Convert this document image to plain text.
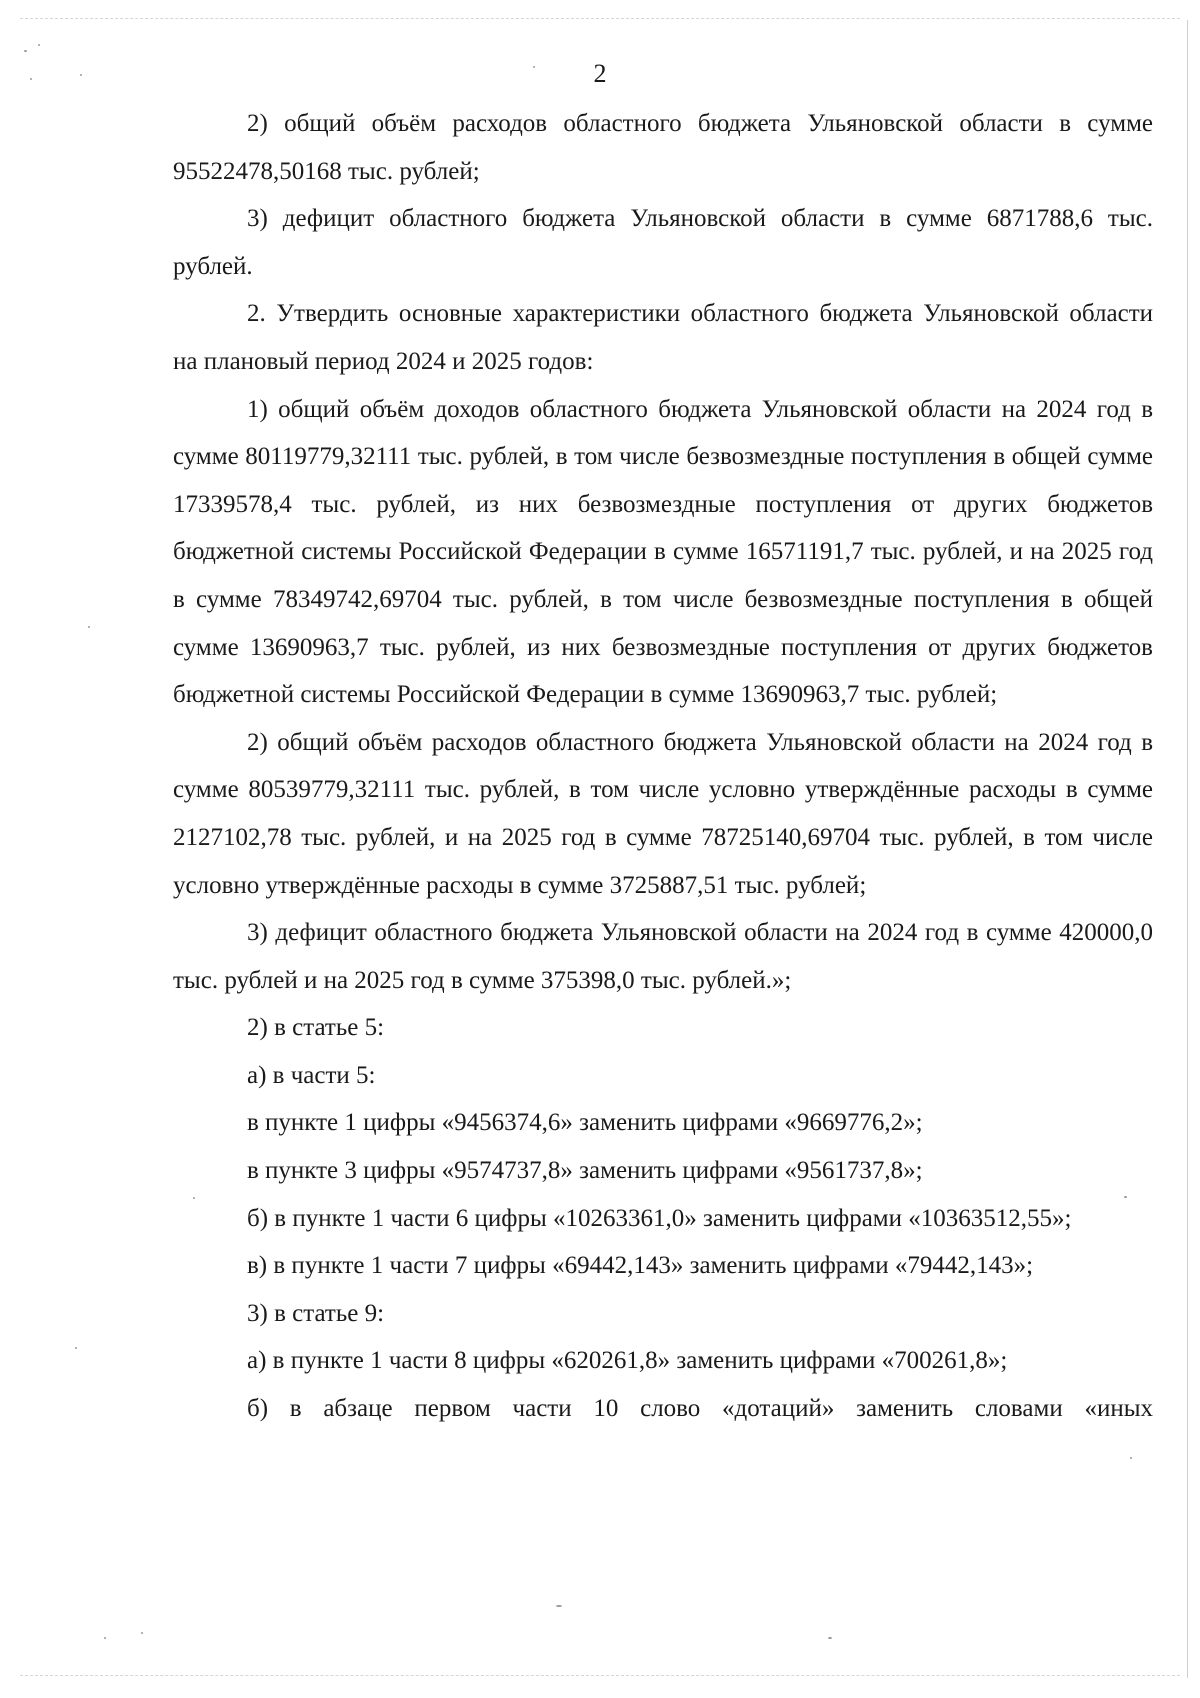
2

2) общий объём расходов областного бюджета Ульяновской области в сумме 95522478,50168 тыс. рублей;

3) дефицит областного бюджета Ульяновской области в сумме 6871788,6 тыс. рублей.

2. Утвердить основные характеристики областного бюджета Ульяновской области на плановый период 2024 и 2025 годов:

1) общий объём доходов областного бюджета Ульяновской области на 2024 год в сумме 80119779,32111 тыс. рублей, в том числе безвозмездные поступления в общей сумме 17339578,4 тыс. рублей, из них безвозмездные поступления от других бюджетов бюджетной системы Российской Федерации в сумме 16571191,7 тыс. рублей, и на 2025 год в сумме 78349742,69704 тыс. рублей, в том числе безвозмездные поступления в общей сумме 13690963,7 тыс. рублей, из них безвозмездные поступления от других бюджетов бюджетной системы Российской Федерации в сумме 13690963,7 тыс. рублей;

2) общий объём расходов областного бюджета Ульяновской области на 2024 год в сумме 80539779,32111 тыс. рублей, в том числе условно утверждённые расходы в сумме 2127102,78 тыс. рублей, и на 2025 год в сумме 78725140,69704 тыс. рублей, в том числе условно утверждённые расходы в сумме 3725887,51 тыс. рублей;

3) дефицит областного бюджета Ульяновской области на 2024 год в сумме 420000,0 тыс. рублей и на 2025 год в сумме 375398,0 тыс. рублей.»;

2) в статье 5:

а) в части 5:

в пункте 1 цифры «9456374,6» заменить цифрами «9669776,2»;

в пункте 3 цифры «9574737,8» заменить цифрами «9561737,8»;

б) в пункте 1 части 6 цифры «10263361,0» заменить цифрами «10363512,55»;

в) в пункте 1 части 7 цифры «69442,143» заменить цифрами «79442,143»;

3) в статье 9:

а) в пункте 1 части 8 цифры «620261,8» заменить цифрами «700261,8»;

б) в абзаце первом части 10 слово «дотаций» заменить словами «иных
